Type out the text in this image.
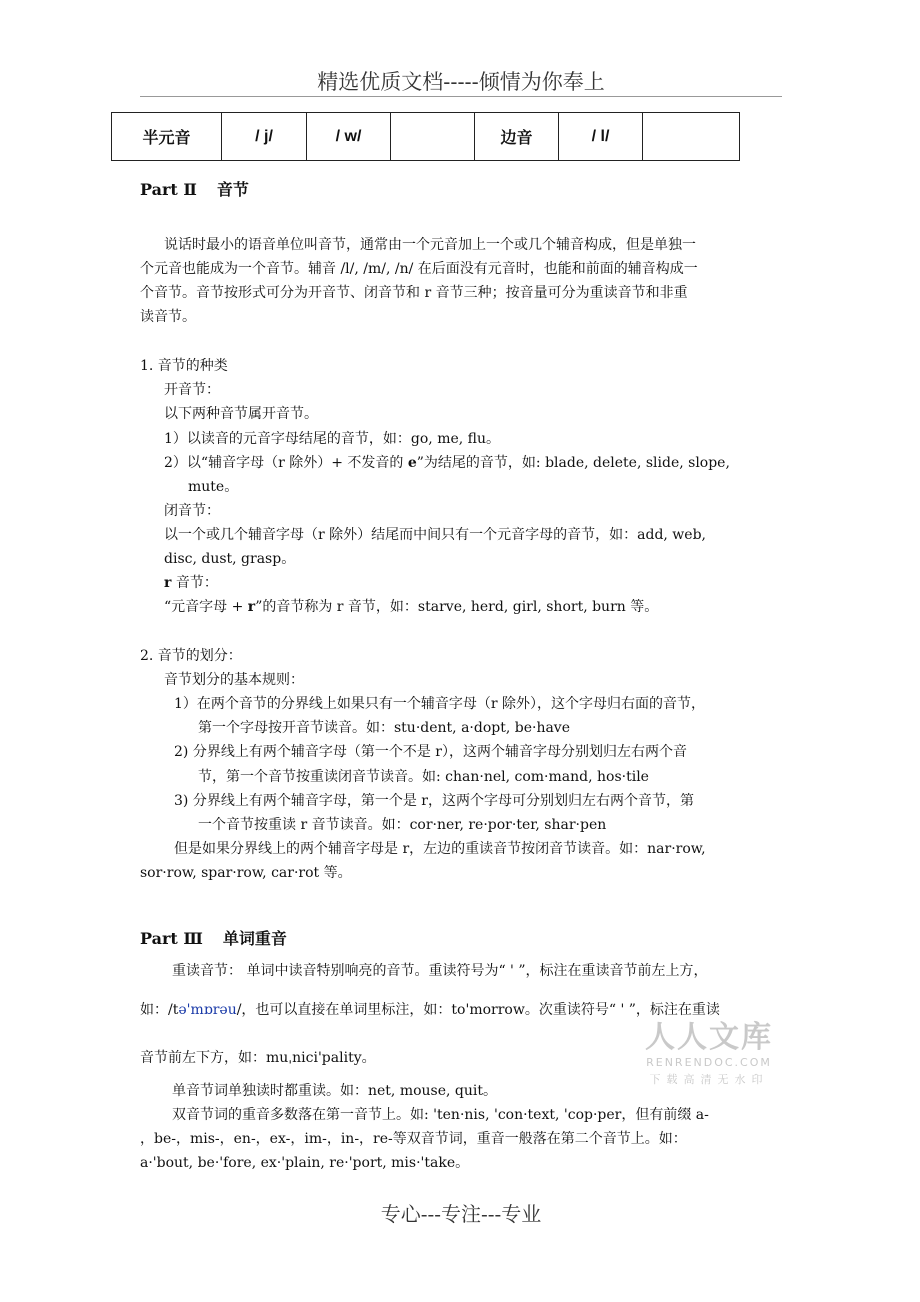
精选优质文档-----倾情为你奉上
半元音	/ j/	/ w/		边音	/ l/	
Part Ⅱ 音节
说话时最小的语音单位叫音节，通常由一个元音加上一个或几个辅音构成，但是单独一
个元音也能成为一个音节。辅音 /l/, /m/, /n/ 在后面没有元音时，也能和前面的辅音构成一
个音节。音节按形式可分为开音节、闭音节和 r 音节三种；按音量可分为重读音节和非重
读音节。
1. 音节的种类
开音节：
以下两种音节属开音节。
1）以读音的元音字母结尾的音节，如：go, me, flu。
2）以“辅音字母（r 除外）+ 不发音的 e”为结尾的音节，如: blade, delete, slide, slope,
mute。
闭音节：
以一个或几个辅音字母（r 除外）结尾而中间只有一个元音字母的音节，如：add, web,
disc, dust, grasp。
r 音节：
“元音字母 + r”的音节称为 r 音节，如：starve, herd, girl, short, burn 等。
2. 音节的划分：
音节划分的基本规则：
1）在两个音节的分界线上如果只有一个辅音字母（r 除外），这个字母归右面的音节，
第一个字母按开音节读音。如：stu·dent, a·dopt, be·have
2) 分界线上有两个辅音字母（第一个不是 r），这两个辅音字母分别划归左右两个音
节，第一个音节按重读闭音节读音。如: chan·nel, com·mand, hos·tile
3) 分界线上有两个辅音字母，第一个是 r，这两个字母可分别划归左右两个音节，第
一个音节按重读 r 音节读音。如：cor·ner, re·por·ter, shar·pen
但是如果分界线上的两个辅音字母是 r，左边的重读音节按闭音节读音。如：nar·row,
sor·row, spar·row, car·rot 等。
Part Ⅲ 单词重音
重读音节： 单词中读音特别响亮的音节。重读符号为“ ' ”，标注在重读音节前左上方，
如：/tə'mɒrəu/，也可以直接在单词里标注，如：to'morrow。次重读符号“ ' ”，标注在重读
音节前左下方，如：muˌnici'pality。
单音节词单独读时都重读。如：net, mouse, quit。
双音节词的重音多数落在第一音节上。如: 'ten·nis, 'con·text, 'cop·per，但有前缀 a-
，be-，mis-，en-，ex-，im-，in-，re-等双音节词，重音一般落在第二个音节上。如：
a·'bout, be·'fore, ex·'plain, re·'port, mis·'take。
人人文库
RENRENDOC.COM
下载高清无水印
专心---专注---专业
